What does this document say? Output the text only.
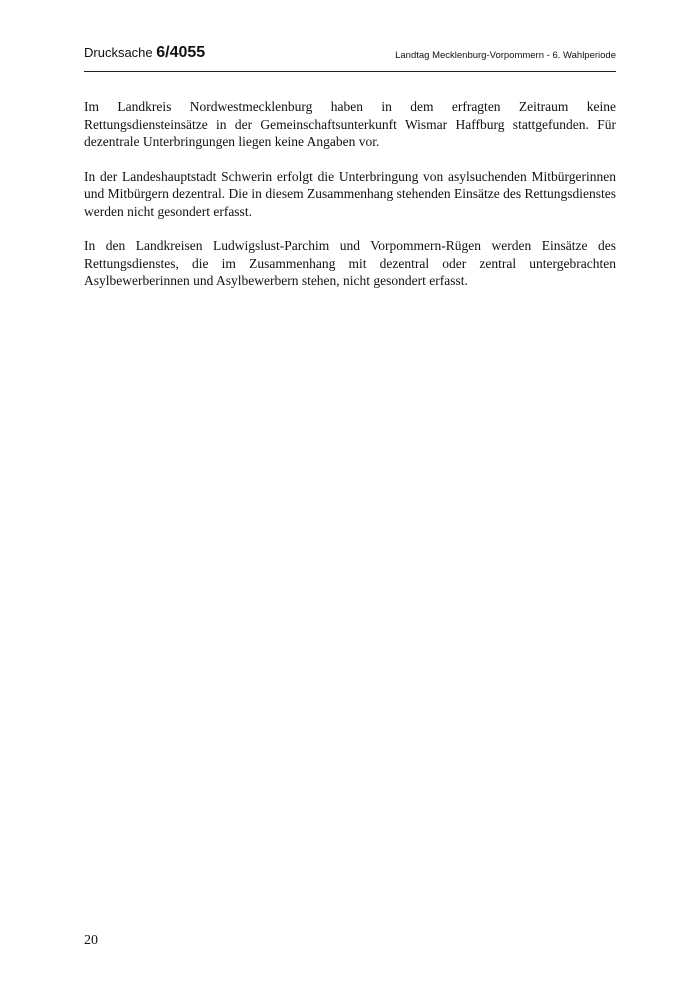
Drucksache 6/4055	Landtag Mecklenburg-Vorpommern - 6. Wahlperiode

Im Landkreis Nordwestmecklenburg haben in dem erfragten Zeitraum keine Rettungsdiensteinsätze in der Gemeinschaftsunterkunft Wismar Haffburg stattgefunden. Für dezentrale Unterbringungen liegen keine Angaben vor.

In der Landeshauptstadt Schwerin erfolgt die Unterbringung von asylsuchenden Mitbürgerinnen und Mitbürgern dezentral. Die in diesem Zusammenhang stehenden Einsätze des Rettungsdienstes werden nicht gesondert erfasst.

In den Landkreisen Ludwigslust-Parchim und Vorpommern-Rügen werden Einsätze des Rettungsdienstes, die im Zusammenhang mit dezentral oder zentral untergebrachten Asylbewerberinnen und Asylbewerbern stehen, nicht gesondert erfasst.

20
